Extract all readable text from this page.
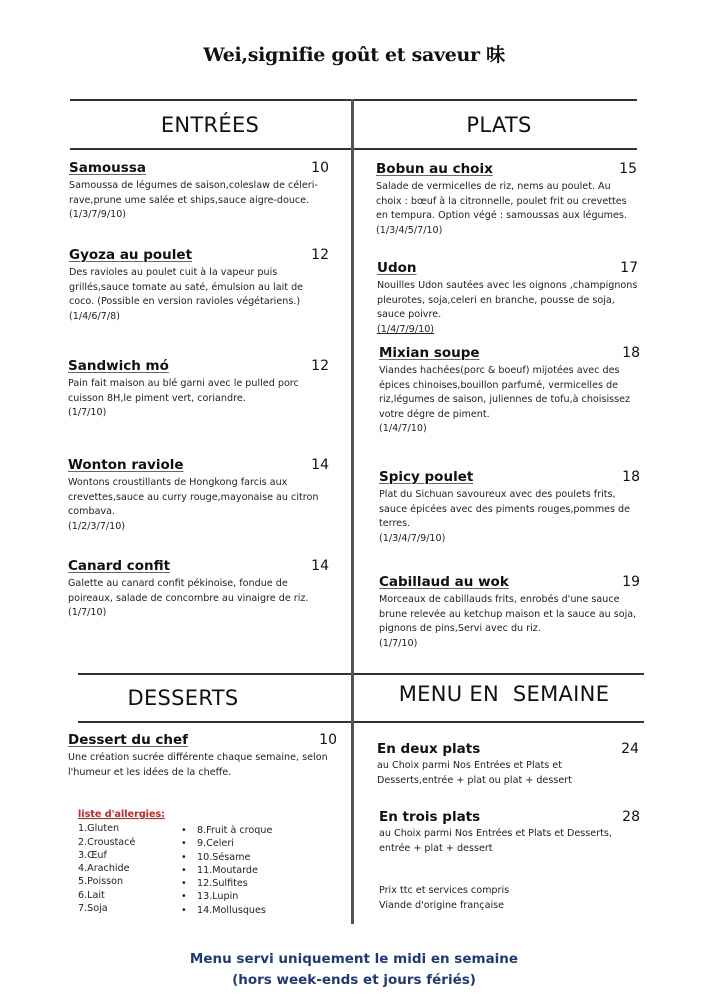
Wei,signifie goût et saveur 味
ENTRÉES	PLATS
DESSERTS	MENU EN  SEMAINE
Samoussa	10
Samoussa de légumes de saison,coleslaw de céleri-rave,prune ume salée et ships,sauce aigre-douce.
(1/3/7/9/10)
Gyoza au poulet	12
Des ravioles au poulet cuit à la vapeur puis grillés,sauce tomate au saté, émulsion au lait de coco. (Possible en version ravioles végétariens.)
(1/4/6/7/8)
Sandwich mó	12
Pain fait maison au blé garni avec le pulled porc cuisson 8H,le piment vert, coriandre.
(1/7/10)
Wonton raviole	14
Wontons croustillants de Hongkong farcis aux crevettes,sauce au curry rouge,mayonaise au citron combava.
(1/2/3/7/10)
Canard confit	14
Galette au canard confit pékinoise, fondue de poireaux, salade de concombre au vinaigre de riz.
(1/7/10)
Bobun au choix	15
Salade de vermicelles de riz, nems au poulet. Au choix : bœuf à la citronnelle, poulet frit ou crevettes en tempura. Option végé : samoussas aux légumes.
(1/3/4/5/7/10)
Udon	17
Nouilles Udon sautées avec les oignons ,champignons pleurotes, soja,celeri en branche, pousse de soja, sauce poivre.
(1/4/7/9/10)
Mixian soupe	18
Viandes hachées(porc & boeuf) mijotées avec des épices chinoises,bouillon parfumé, vermicelles de riz,légumes de saison, juliennes de tofu,à choisissez votre dégre de piment.
(1/4/7/10)
Spicy poulet	18
Plat du Sichuan savoureux avec des poulets frits, sauce épicées avec des piments rouges,pommes de terres.
(1/3/4/7/9/10)
Cabillaud au wok	19
Morceaux de cabillauds frits, enrobés d'une sauce brune relevée au ketchup maison et la sauce au soja, pignons de pins,Servi avec du riz.
(1/7/10)
Dessert du chef	10
Une création sucrée différente chaque semaine, selon l'humeur et les idées de la cheffe.
liste d'allergies:
1.Gluten
2.Croustacé
3.Œuf
4.Arachide
5.Poisson
6.Lait
7.Soja
• 8.Fruit à croque
• 9.Celeri
• 10.Sésame
• 11.Moutarde
• 12.Sulfites
• 13.Lupin
• 14.Mollusques
En deux plats	24
au Choix parmi Nos Entrées et Plats et Desserts,entrée + plat ou plat + dessert
En trois plats	28
au Choix parmi Nos Entrées et Plats et Desserts, entrée + plat + dessert
Prix ttc et services compris
Viande d'origine française
Menu servi uniquement le midi en semaine
(hors week-ends et jours fériés)
